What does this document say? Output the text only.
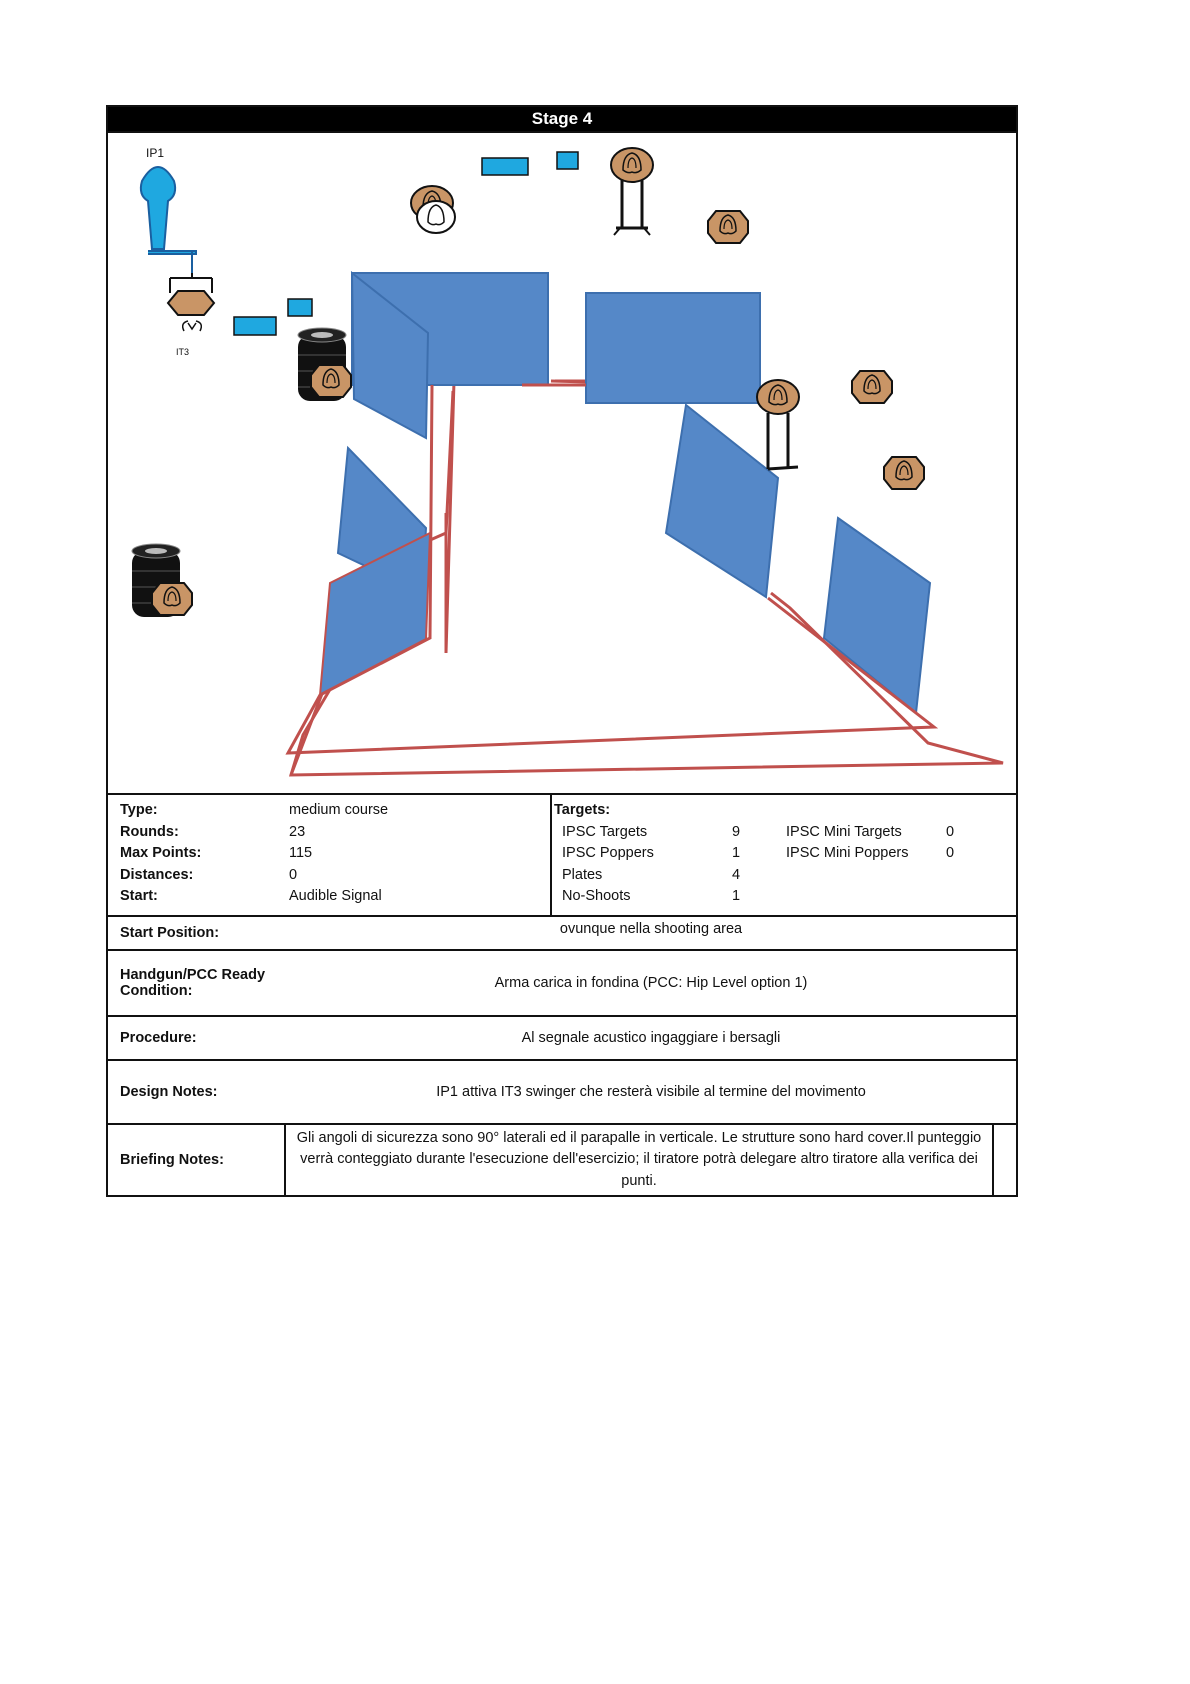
Stage 4
IP1
IT3
Type:	medium course
Rounds:	23
Max Points:	115
Distances:	0
Start:	Audible Signal
Targets:
IPSC Targets	9	IPSC Mini Targets	0
IPSC Poppers	1	IPSC Mini Poppers	0
Plates	4
No-Shoots	1
Start Position:	ovunque nella shooting area
Handgun/PCC Ready Condition:	Arma carica in fondina (PCC: Hip Level option 1)
Procedure:	Al segnale acustico ingaggiare i bersagli
Design Notes:	IP1 attiva IT3 swinger che resterà visibile al termine del movimento
Briefing Notes:
Gli angoli di sicurezza sono 90° laterali ed il parapalle in verticale. Le strutture sono hard cover.Il punteggio verrà conteggiato durante l'esecuzione dell'esercizio; il tiratore potrà delegare altro tiratore alla verifica dei punti.
